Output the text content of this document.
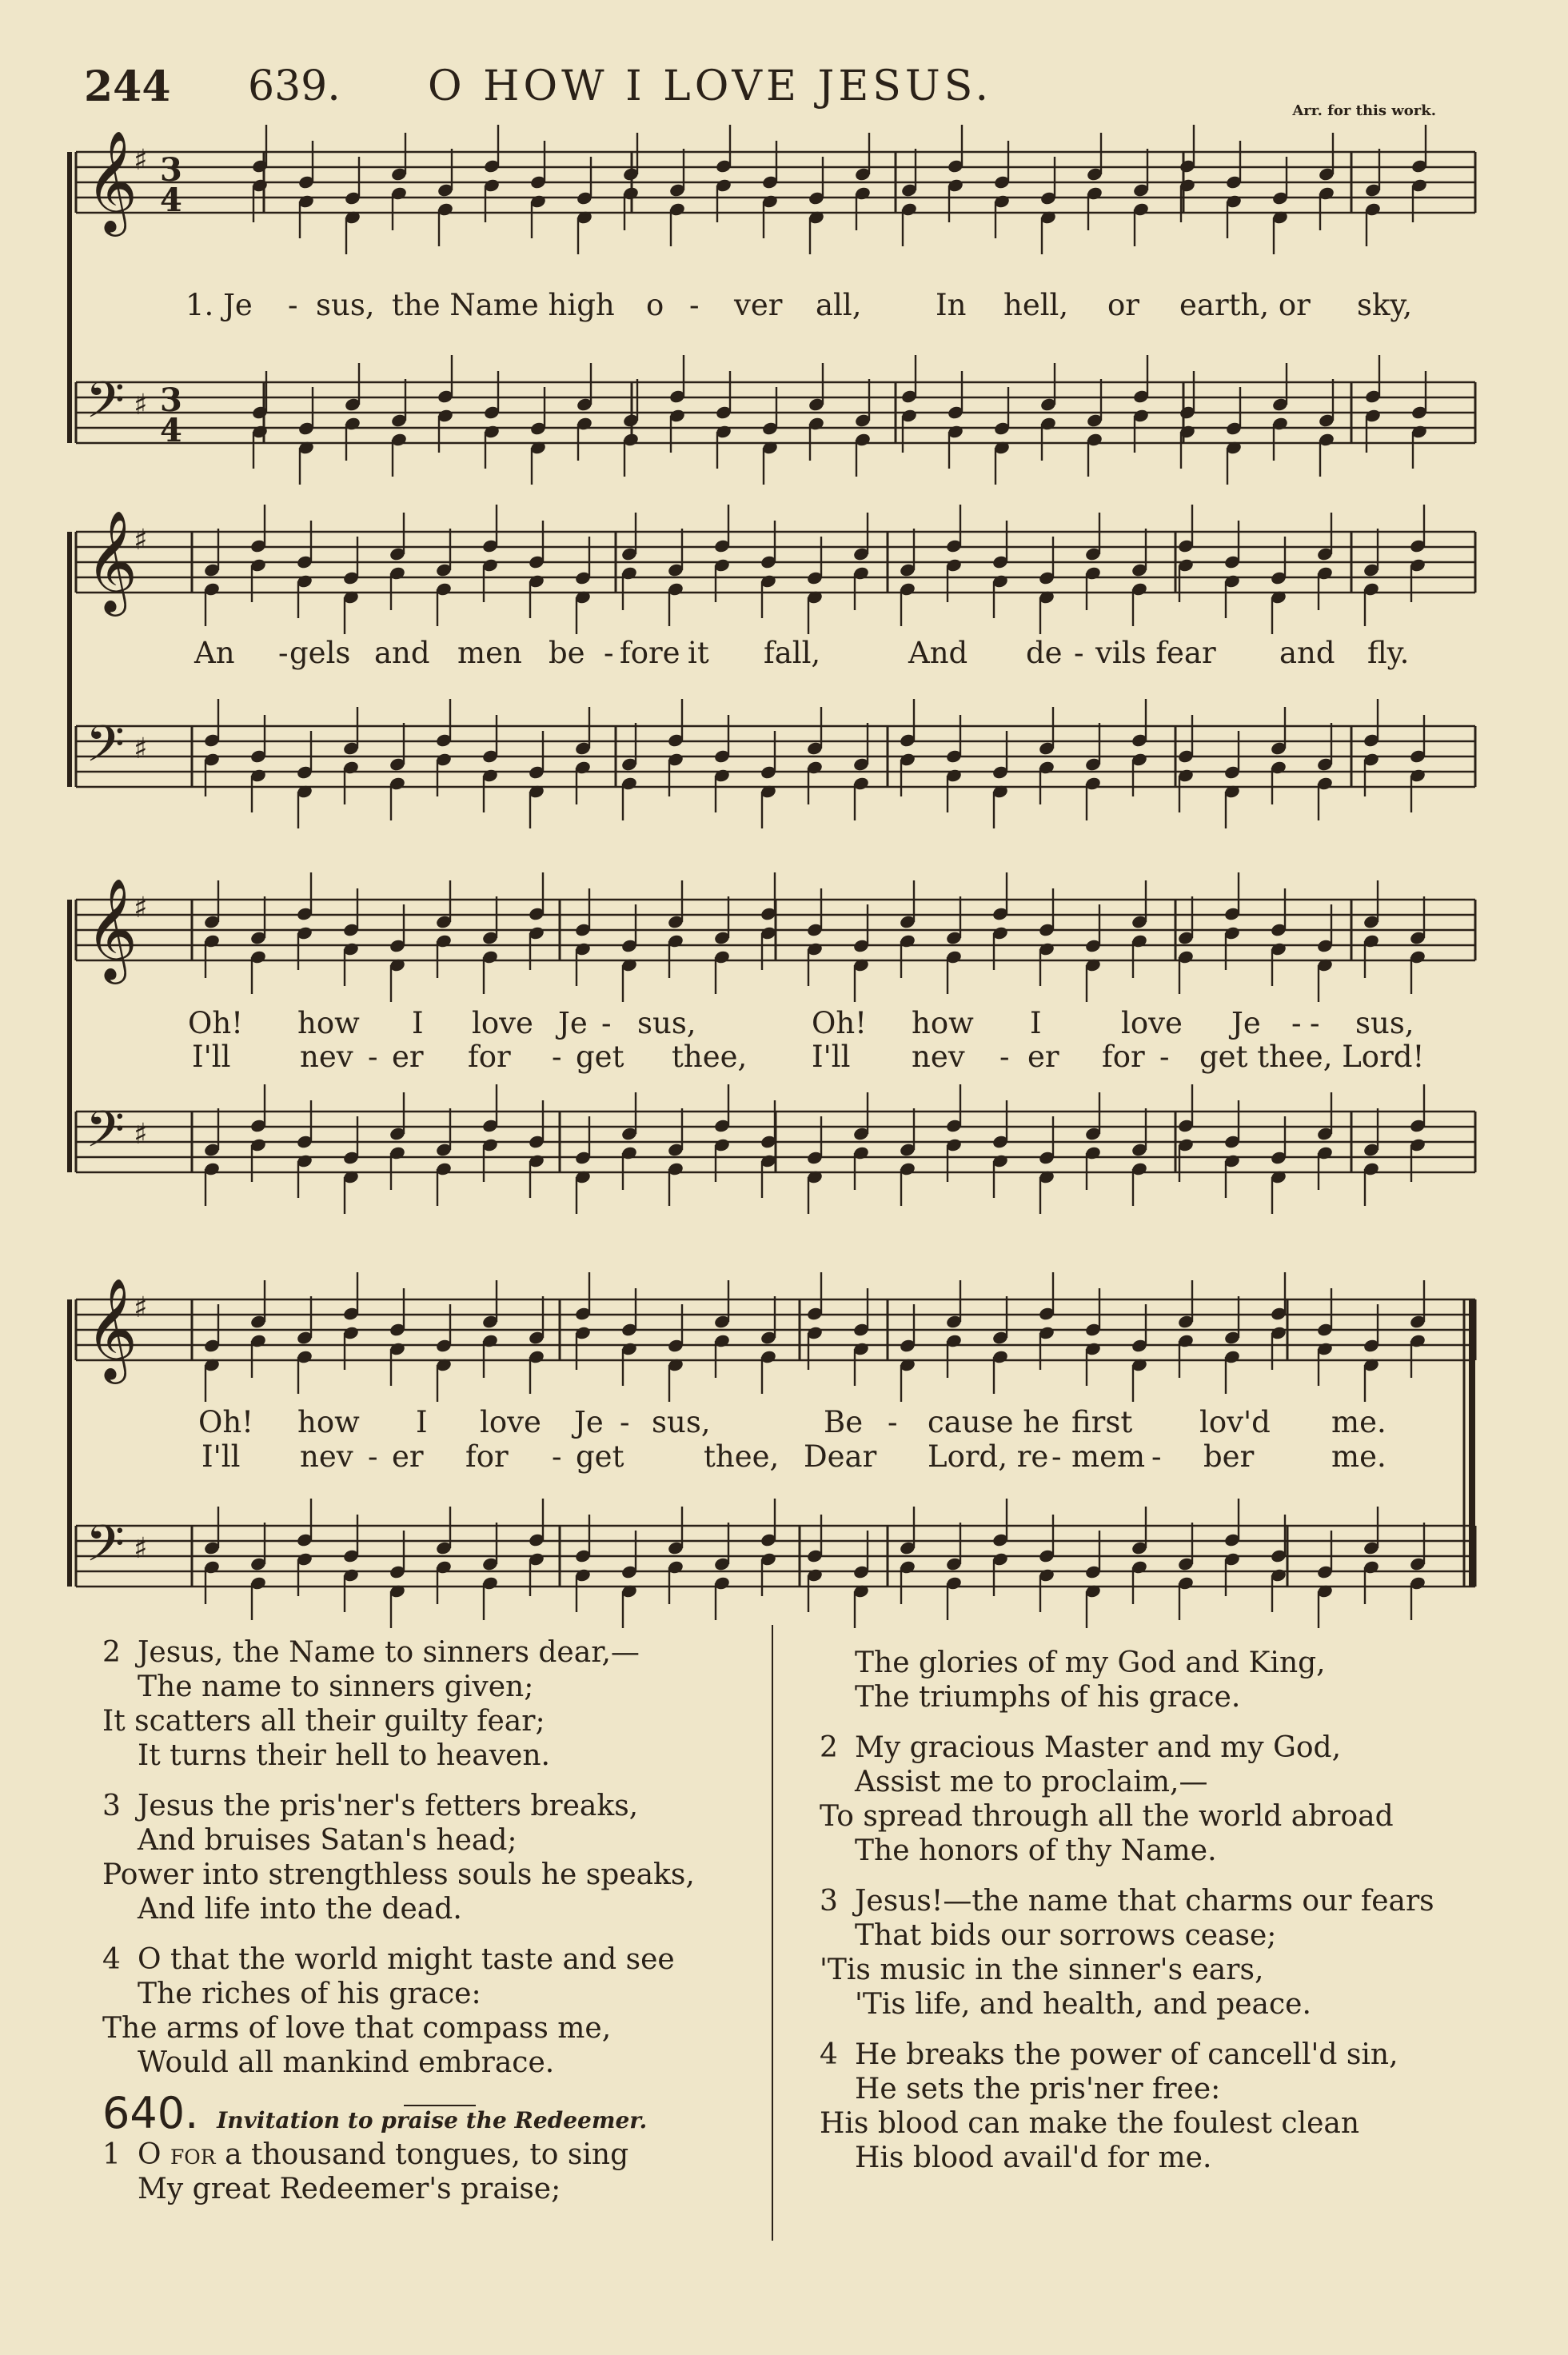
244 639. O HOW I LOVE JESUS.
Arr. for this work.
𝄞
♯ 3
4
𝄢 ♯ 3
4
𝄞
♯
𝄢 ♯
𝄞
♯
𝄢 ♯
𝄞
♯
𝄢 ♯
1. Je - sus, the Name high o - ver all,	In hell, or earth, or sky,
An - gels and men be - fore it fall,	And de - vils fear and fly.
Oh! how I love Je - sus,	Oh! how I	love Je - - sus,
I'll nev - er for - get thee, I'll nev - er for - get thee, Lord!
Oh! how I love Je - sus,	Be - cause he first lov'd me.
I'll nev - er for - get	thee, Dear Lord, re - mem - ber	me.
2 Jesus, the Name to sinners dear,—
The name to sinners given;
It scatters all their guilty fear;
It turns their hell to heaven.
3 Jesus the pris'ner's fetters breaks,
And bruises Satan's head;
Power into strengthless souls he speaks,
And life into the dead.
4 O that the world might taste and see
The riches of his grace:
The arms of love that compass me,
Would all mankind embrace.
640. Invitation to praise the Redeemer.
1 O for a thousand tongues, to sing
My great Redeemer's praise;
The glories of my God and King,
The triumphs of his grace.
2 My gracious Master and my God,
Assist me to proclaim,—
To spread through all the world abroad
The honors of thy Name.
3 Jesus!—the name that charms our fears
That bids our sorrows cease;
'Tis music in the sinner's ears,
'Tis life, and health, and peace.
4 He breaks the power of cancell'd sin,
He sets the pris'ner free:
His blood can make the foulest clean
His blood avail'd for me.
